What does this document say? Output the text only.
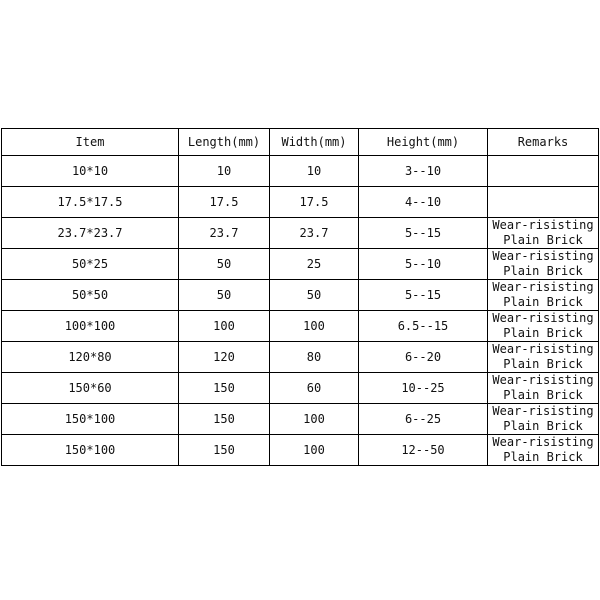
Item	Length(mm)	Width(mm)	Height(mm)	Remarks
10*10	10	10	3--10	
17.5*17.5	17.5	17.5	4--10	
23.7*23.7	23.7	23.7	5--15	Wear-risisting
Plain Brick
50*25	50	25	5--10	Wear-risisting
Plain Brick
50*50	50	50	5--15	Wear-risisting
Plain Brick
100*100	100	100	6.5--15	Wear-risisting
Plain Brick
120*80	120	80	6--20	Wear-risisting
Plain Brick
150*60	150	60	10--25	Wear-risisting
Plain Brick
150*100	150	100	6--25	Wear-risisting
Plain Brick
150*100	150	100	12--50	Wear-risisting
Plain Brick
